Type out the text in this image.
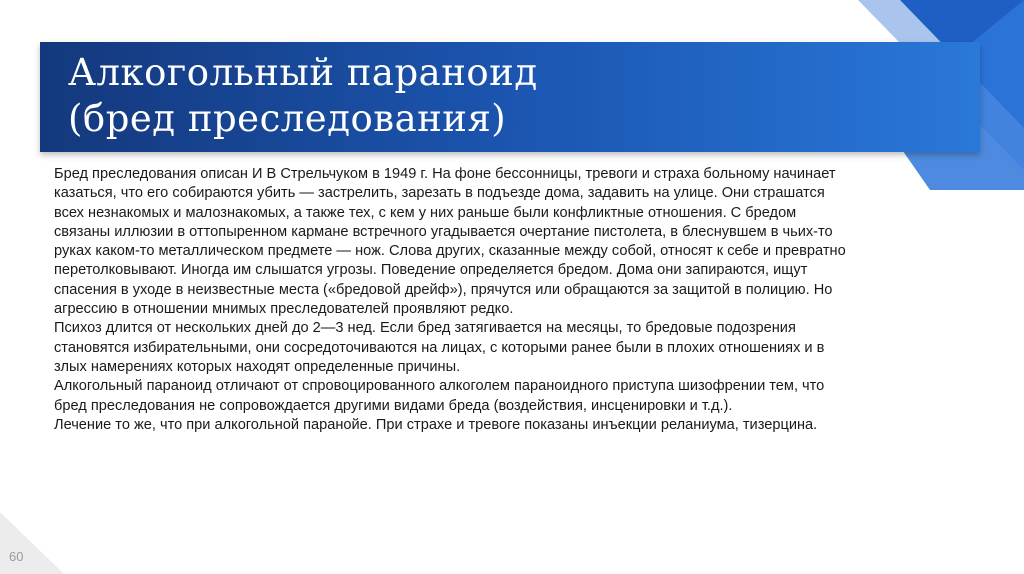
Алкогольный параноид
(бред преследования)

Бред преследования описан И В Стрельчуком в 1949 г. На фоне бессонницы, тревоги и страха больному начинает

казаться, что его собираются убить — застрелить, зарезать в подъезде дома, задавить на улице. Они страшатся

всех незнакомых и малознакомых, а также тех, с кем у них раньше были конфликтные отношения. С бредом

связаны иллюзии в оттопыренном кармане встречного угадывается очертание пистолета, в блеснувшем в чьих-то

руках каком-то металлическом предмете — нож. Слова других, сказанные между собой, относят к себе и превратно

перетолковывают. Иногда им слышатся угрозы. Поведение определяется бредом. Дома они запираются, ищут

спасения в уходе в неизвестные места («бредовой дрейф»), прячутся или обращаются за защитой в полицию. Но

агрессию в отношении мнимых преследователей проявляют редко.

Психоз длится от нескольких дней до 2—3 нед. Если бред затягивается на месяцы, то бредовые подозрения

становятся избирательными, они сосредоточиваются на лицах, с которыми ранее были в плохих отношениях и в

злых намерениях которых находят определенные причины.

Алкогольный параноид отличают от спровоцированного алкоголем параноидного приступа шизофрении тем, что

бред преследования не сопровождается другими видами бреда (воздействия, инсценировки и т.д.).

Лечение то же, что при алкогольной паранойе. При страхе и тревоге показаны инъекции реланиума, тизерцина.

60
